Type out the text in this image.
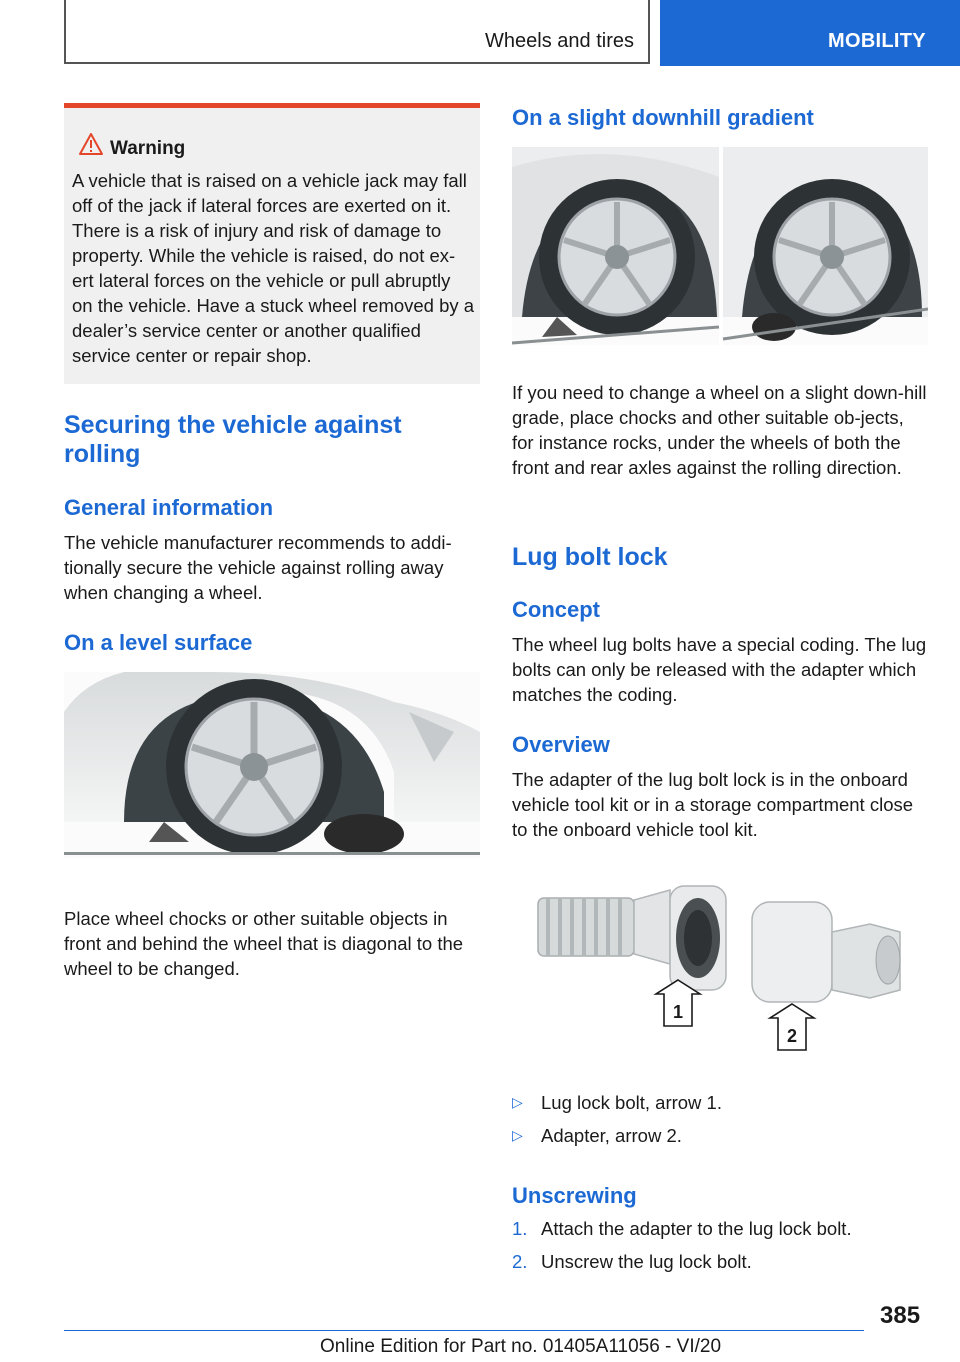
Wheels and tires	MOBILITY
Warning
A vehicle that is raised on a vehicle jack may fall off of the jack if lateral forces are exerted on it. There is a risk of injury and risk of damage to property. While the vehicle is raised, do not ex-ert lateral forces on the vehicle or pull abruptly on the vehicle. Have a stuck wheel removed by a dealer’s service center or another qualified service center or repair shop.
Securing the vehicle against rolling
General information
The vehicle manufacturer recommends to addi-tionally secure the vehicle against rolling away when changing a wheel.
On a level surface
Place wheel chocks or other suitable objects in front and behind the wheel that is diagonal to the wheel to be changed.
On a slight downhill gradient
If you need to change a wheel on a slight down-hill grade, place chocks and other suitable ob-jects, for instance rocks, under the wheels of both the front and rear axles against the rolling direction.
Lug bolt lock
Concept
The wheel lug bolts have a special coding. The lug bolts can only be released with the adapter which matches the coding.
Overview
The adapter of the lug bolt lock is in the onboard vehicle tool kit or in a storage compartment close to the onboard vehicle tool kit.
1
2
▷ Lug lock bolt, arrow 1.
▷ Adapter, arrow 2.
Unscrewing
1. Attach the adapter to the lug lock bolt.
2. Unscrew the lug lock bolt.
385
Online Edition for Part no. 01405A11056 - VI/20
